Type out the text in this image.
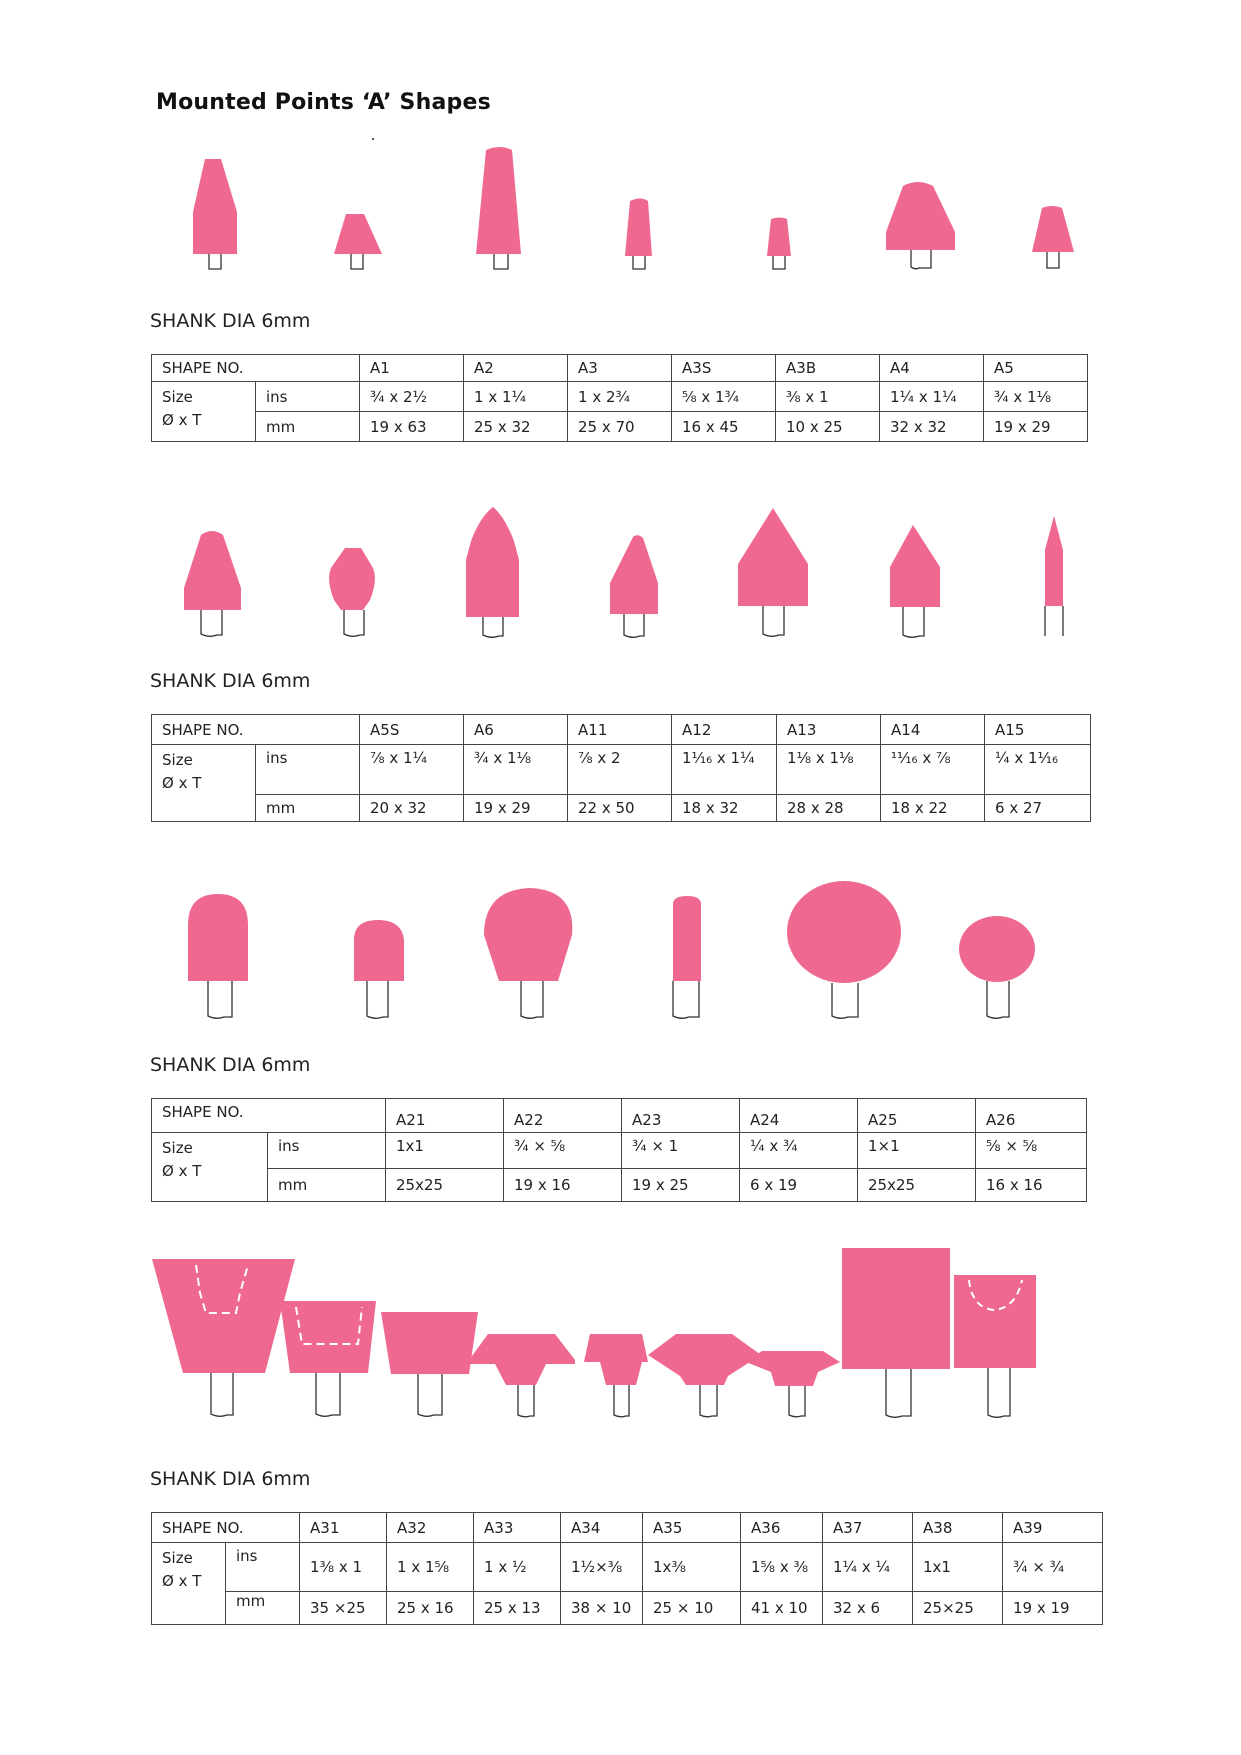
Mounted Points ‘A’ Shapes
SHANK DIA 6mm
SHAPE NO.		A1	A2	A3	A3S	A3B	A4	A5
Size
Ø x T	ins	¾ x 2½	1 x 1¼	1 x 2¾	⅝ x 1¾	⅜ x 1	1¼ x 1¼	¾ x 1⅛
	mm	19 x 63	25 x 32	25 x 70	16 x 45	10 x 25	32 x 32	19 x 29
SHANK DIA 6mm
SHAPE NO.		A5S	A6	A11	A12	A13	A14	A15
Size
Ø x T	ins	⅞ x 1¼	¾ x 1⅛	⅞ x 2	1¹⁄₁₆ x 1¼	1⅛ x 1⅛	¹¹⁄₁₆ x ⅞	¼ x 1¹⁄₁₆
	mm	20 x 32	19 x 29	22 x 50	18 x 32	28 x 28	18 x 22	6 x 27
SHANK DIA 6mm
SHAPE NO.		A21	A22	A23	A24	A25	A26
Size
Ø x T	ins	1x1	¾ × ⅝	¾ × 1	¼ x ¾	1×1	⅝ × ⅝
	mm	25x25	19 x 16	19 x 25	6 x 19	25x25	16 x 16
SHANK DIA 6mm
SHAPE NO.		A31	A32	A33	A34	A35	A36	A37	A38	A39
Size
Ø x T	ins	1⅜ x 1	1 x 1⅝	1 x ½	1½×⅜	1x⅜	1⅝ x ⅜	1¼ x ¼	1x1	¾ × ¾
	mm	35 ×25	25 x 16	25 x 13	38 × 10	25 × 10	41 x 10	32 x 6	25×25	19 x 19
